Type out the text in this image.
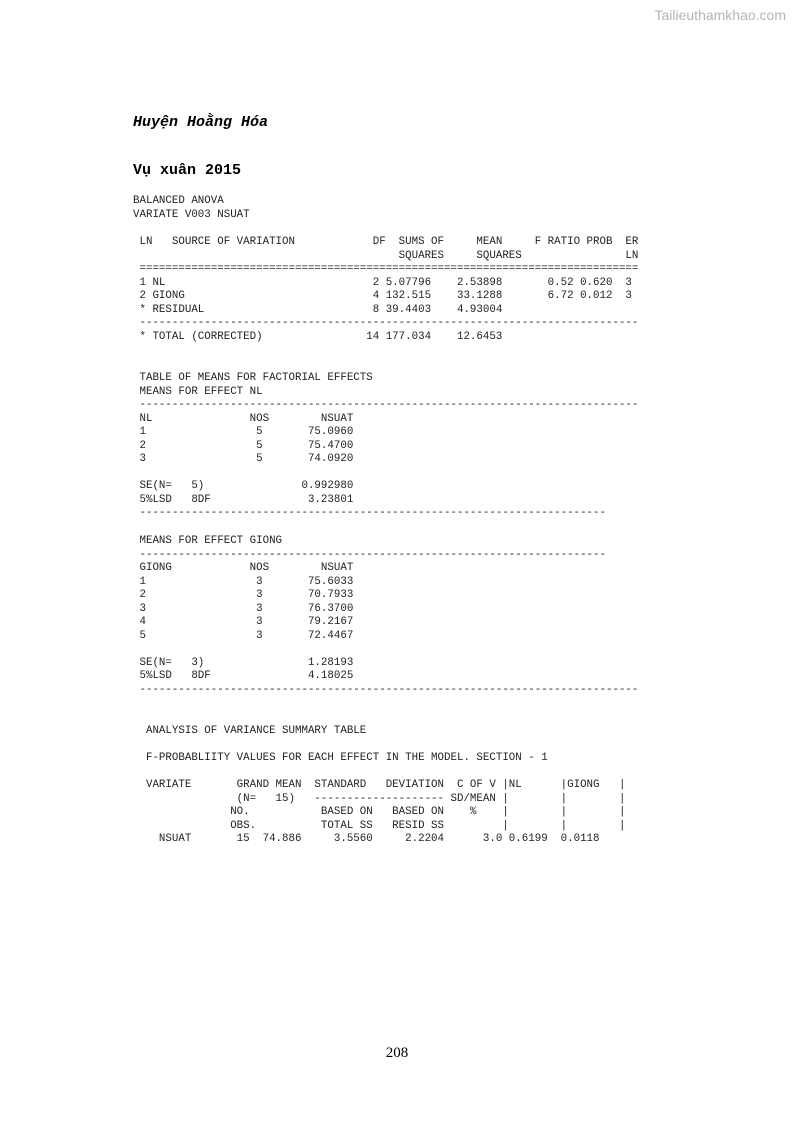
Tailieuthamkhao.com
Huyện Hoằng Hóa
Vụ xuân 2015
BALANCED ANOVA
VARIATE V003 NSUAT
LN   SOURCE OF VARIATION            DF  SUMS OF     MEAN     F RATIO PROB  ER
SQUARES     SQUARES                LN
=============================================================================
1 NL                                2 5.07796    2.53898       0.52 0.620  3
2 GIONG                             4 132.515    33.1288       6.72 0.012  3
* RESIDUAL                          8 39.4403    4.93004
-----------------------------------------------------------------------------
* TOTAL (CORRECTED)                14 177.034    12.6453
TABLE OF MEANS FOR FACTORIAL EFFECTS
MEANS FOR EFFECT NL
-----------------------------------------------------------------------------
NL               NOS        NSUAT
1                 5       75.0960
2                 5       75.4700
3                 5       74.0920

SE(N=   5)               0.992980
5%LSD   8DF               3.23801
------------------------------------------------------------------------
MEANS FOR EFFECT GIONG
------------------------------------------------------------------------
GIONG            NOS        NSUAT
1                 3       75.6033
2                 3       70.7933
3                 3       76.3700
4                 3       79.2167
5                 3       72.4467

SE(N=   3)                1.28193
5%LSD   8DF               4.18025
-----------------------------------------------------------------------------
ANALYSIS OF VARIANCE SUMMARY TABLE

F-PROBABLIITY VALUES FOR EACH EFFECT IN THE MODEL. SECTION - 1

VARIATE       GRAND MEAN  STANDARD   DEVIATION  C OF V |NL      |GIONG   |
(N=   15)   -------------------- SD/MEAN |        |        |
NO.           BASED ON   BASED ON    %    |        |        |
OBS.          TOTAL SS   RESID SS         |        |        |
NSUAT       15  74.886     3.5560     2.2204      3.0 0.6199  0.0118
208
